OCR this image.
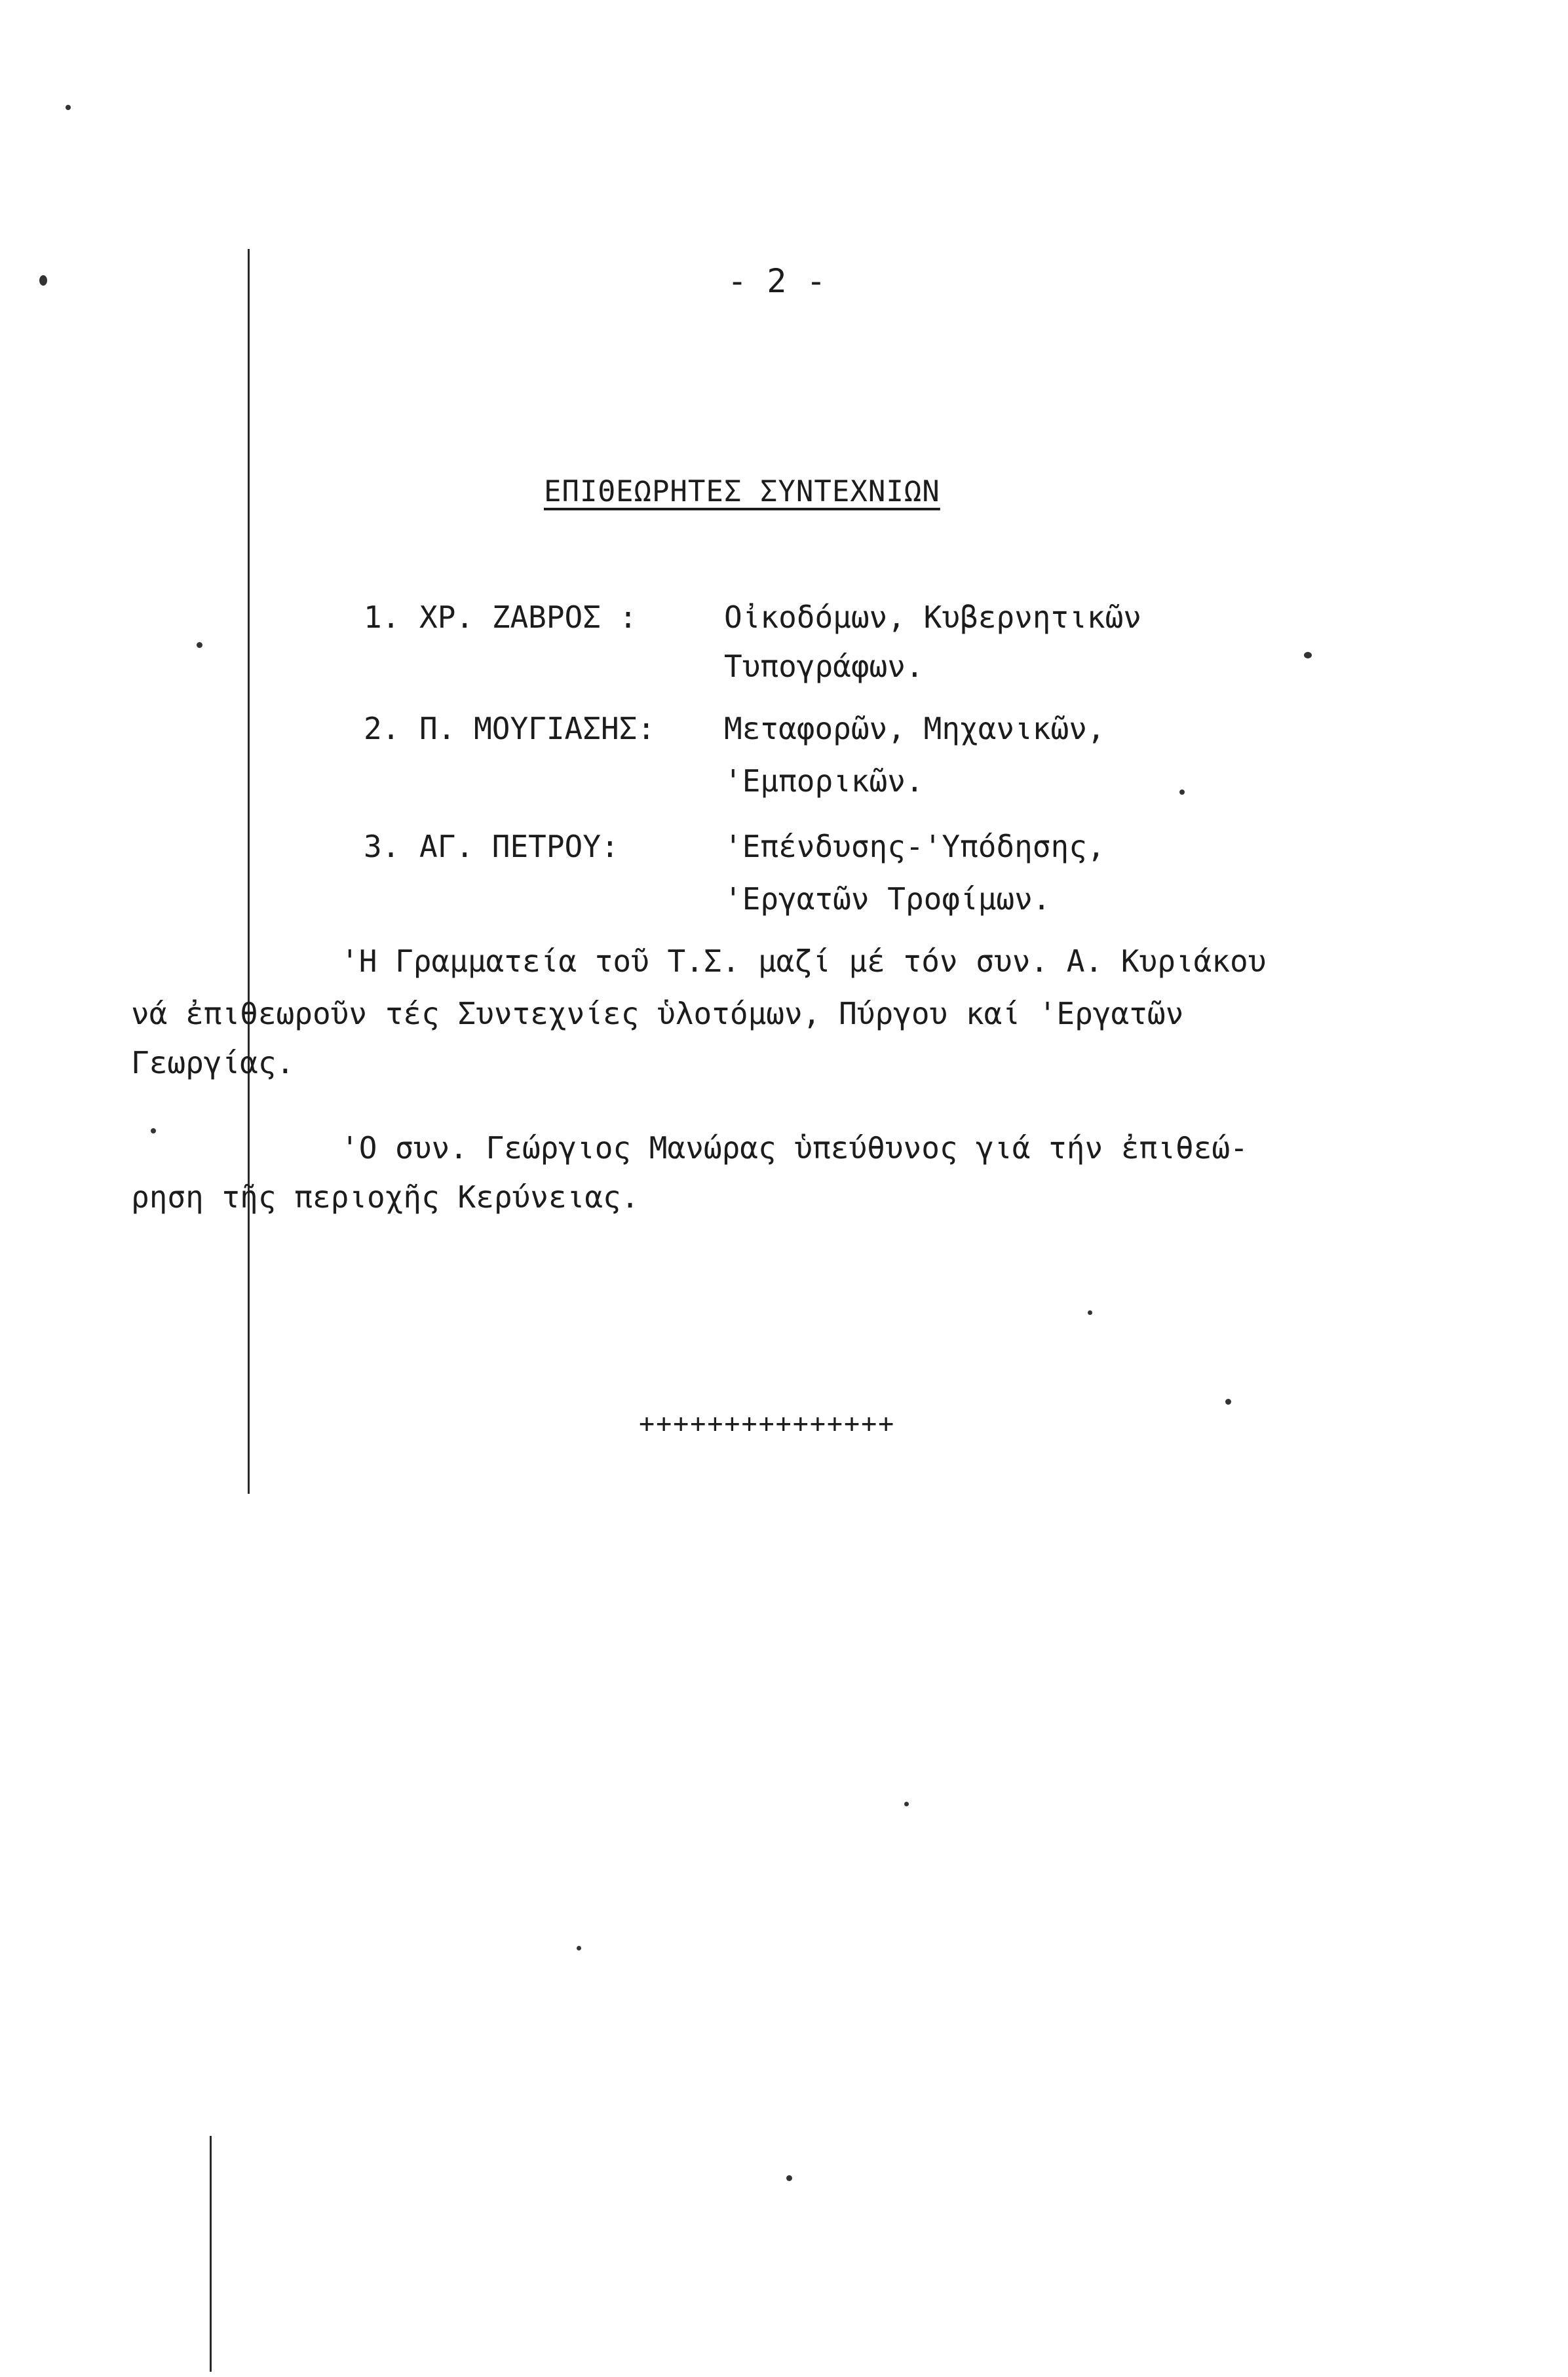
- 2 -
ΕΠΙΘΕΩΡΗΤΕΣ ΣΥΝΤΕΧΝΙΩΝ
1. ΧΡ. ΖΑΒΡΟΣ :	Οἰκοδόμων, Κυβερνητικῶν
Τυπογράφων.
2. Π. ΜΟΥΓΙΑΣΗΣ: Μεταφορῶν, Μηχανικῶν,
'Εμπορικῶν.
3. ΑΓ. ΠΕΤΡΟΥ:	'Επένδυσης-'Υπόδησης,
'Εργατῶν Τροφίμων.
'Η Γραμματεία τοῦ Τ.Σ. μαζί μέ τόν συν. Α. Κυριάκου
νά ἐπιθεωροῦν τές Συντεχνίες ὑλοτόμων, Πύργου καί 'Εργατῶν
Γεωργίας.
'Ο συν. Γεώργιος Μανώρας ὑπεύθυνος γιά τήν ἐπιθεώ-
ρηση τῆς περιοχῆς Κερύνειας.
+++++++++++++++
